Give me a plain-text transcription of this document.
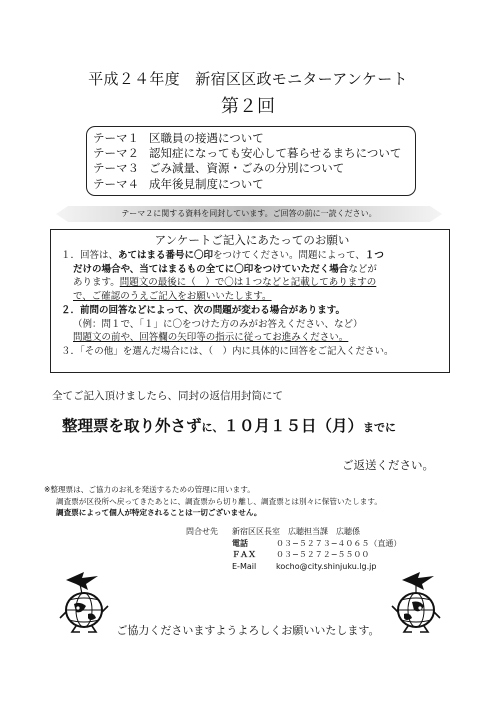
平成２４年度　新宿区区政モニターアンケート
第２回
テーマ１ 区職員の接遇について
テーマ２ 認知症になっても安心して暮らせるまちについて
テーマ３ ごみ減量、資源・ごみの分別について
テーマ４ 成年後見制度について
テーマ２に関する資料を同封しています。ご回答の前に一読ください。
アンケートご記入にあたってのお願い
１．回答は、あてはまる番号に〇印をつけてください。問題によって、１つ
だけの場合や、当てはまるもの全てに〇印をつけていただく場合などが
あります。問題文の最後に（　）で〇は１つなどと記載してありますの
で、ご確認のうえご記入をお願いいたします。
２．前問の回答などによって、次の問題が変わる場合があります。
（例：問１で、「１」に〇をつけた方のみがお答えください、など）
問題文の前や、回答欄の矢印等の指示に従ってお進みください。
３．「その他」を選んだ場合には、（　）内に具体的に回答をご記入ください。
全てご記入頂けましたら、同封の返信用封筒にて
整理票を取り外さずに、１０月１５日（月）までに
ご返送ください。
※整理票は、ご協力のお礼を発送するための管理に用います。
調査票が区役所へ戻ってきたあとに、調査票から切り離し、調査票とは別々に保管いたします。
調査票によって個人が特定されることは一切ございません。
問合せ先	新宿区区長室　広聴担当課　広聴係
電話	０３−５２７３−４０６５（直通）
ＦＡＸ	０３−５２７２−５５００
E-Mail	kocho@city.shinjuku.lg.jp
ご協力くださいますようよろしくお願いいたします。
